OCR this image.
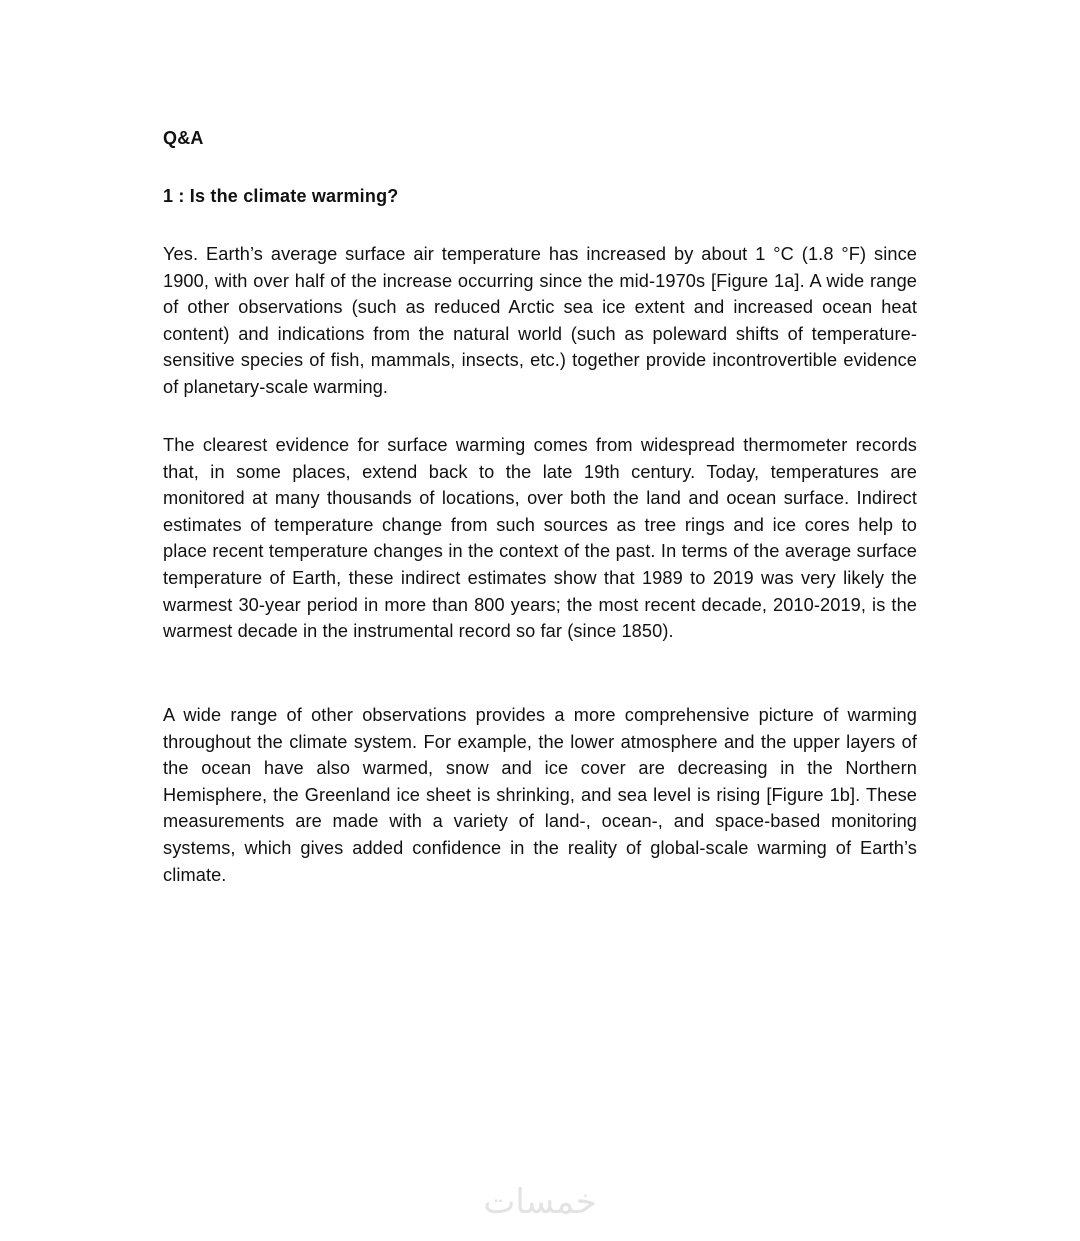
Q&A
1 : Is the climate warming?

Yes. Earth’s average surface air temperature has increased by about 1 °C (1.8 °F) since 1900, with over half of the increase occurring since the mid-1970s [Figure 1a]. A wide range of other observations (such as reduced Arctic sea ice extent and increased ocean heat content) and indications from the natural world (such as poleward shifts of temperature-sensitive species of fish, mammals, insects, etc.) together provide incontrovertible evidence of planetary-scale warming.

The clearest evidence for surface warming comes from widespread thermometer records that, in some places, extend back to the late 19th century. Today, temperatures are monitored at many thousands of locations, over both the land and ocean surface. Indirect estimates of temperature change from such sources as tree rings and ice cores help to place recent temperature changes in the context of the past. In terms of the average surface temperature of Earth, these indirect estimates show that 1989 to 2019 was very likely the warmest 30-year period in more than 800 years; the most recent decade, 2010-2019, is the warmest decade in the instrumental record so far (since 1850).

A wide range of other observations provides a more comprehensive picture of warming throughout the climate system. For example, the lower atmosphere and the upper layers of the ocean have also warmed, snow and ice cover are decreasing in the Northern Hemisphere, the Greenland ice sheet is shrinking, and sea level is rising [Figure 1b]. These measurements are made with a variety of land-, ocean-, and space-based monitoring systems, which gives added confidence in the reality of global-scale warming of Earth’s climate.

خمسات
